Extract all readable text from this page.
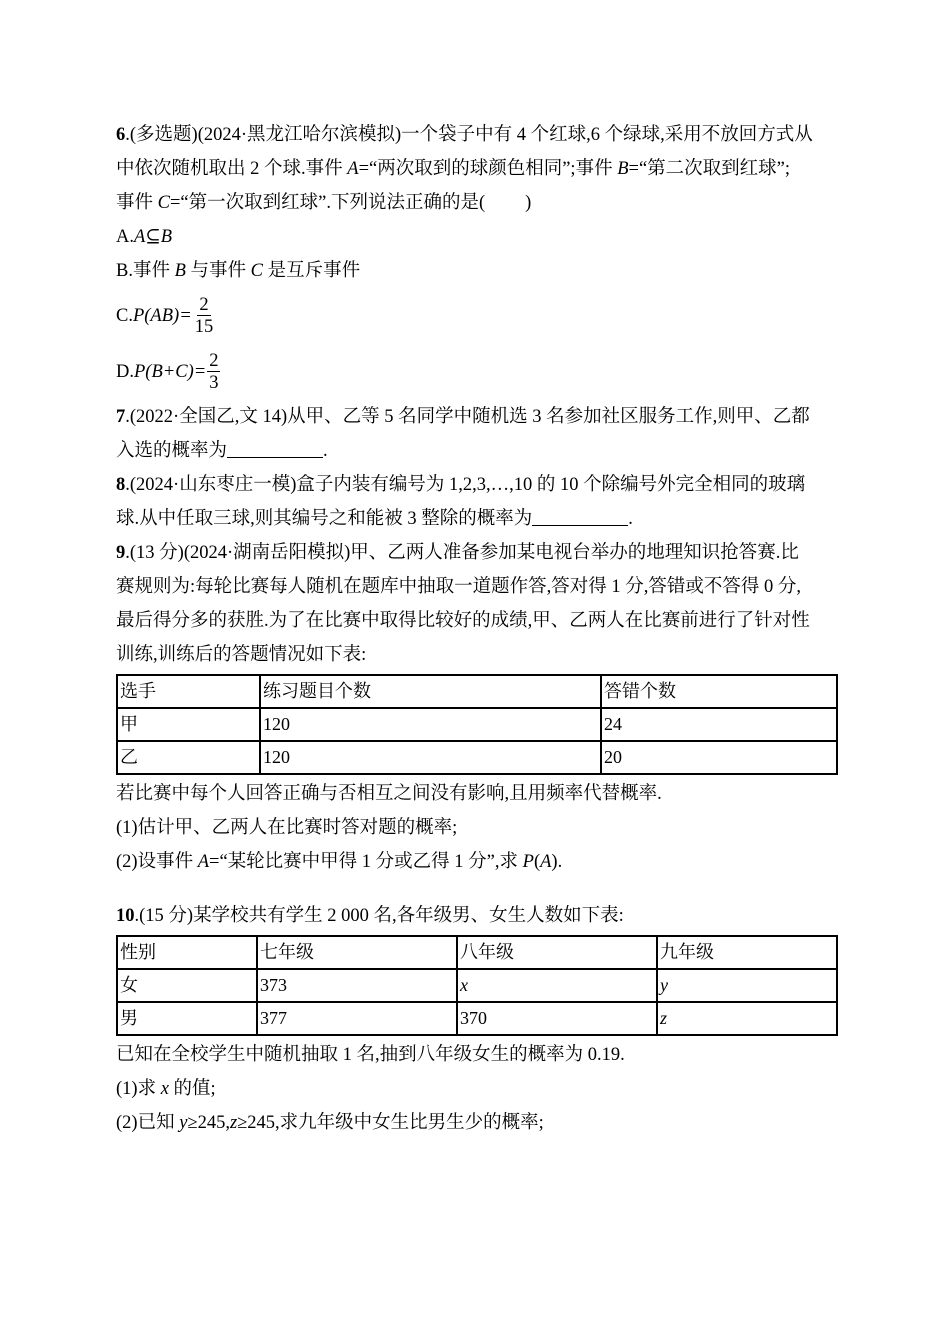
6.(多选题)(2024·黑龙江哈尔滨模拟)一个袋子中有 4 个红球,6 个绿球,采用不放回方式从
中依次随机取出 2 个球.事件 A=“两次取到的球颜色相同”;事件 B=“第二次取到红球”;
事件 C=“第一次取到红球”.下列说法正确的是( )
A.A⊆B
B.事件 B 与事件 C 是互斥事件
C. $P(AB)= \frac{2}{15}$
D. $P(B+C)= \frac{2}{3}$
7.(2022·全国乙,文 14)从甲、乙等 5 名同学中随机选 3 名参加社区服务工作,则甲、乙都
入选的概率为	.
8.(2024·山东枣庄一模)盒子内装有编号为 1,2,3,…,10 的 10 个除编号外完全相同的玻璃
球.从中任取三球,则其编号之和能被 3 整除的概率为	.
9.(13 分)(2024·湖南岳阳模拟)甲、乙两人准备参加某电视台举办的地理知识抢答赛.比
赛规则为:每轮比赛每人随机在题库中抽取一道题作答,答对得 1 分,答错或不答得 0 分,
最后得分多的获胜.为了在比赛中取得比较好的成绩,甲、乙两人在比赛前进行了针对性
训练,训练后的答题情况如下表:
选手	练习题目个数	答错个数
甲	120	24
乙	120	20
若比赛中每个人回答正确与否相互之间没有影响,且用频率代替概率.
(1)估计甲、乙两人在比赛时答对题的概率;
(2)设事件 A=“某轮比赛中甲得 1 分或乙得 1 分”,求 P(A).
10.(15 分)某学校共有学生 2 000 名,各年级男、女生人数如下表:
性别	七年级	八年级	九年级
女	373	x	y
男	377	370	z
已知在全校学生中随机抽取 1 名,抽到八年级女生的概率为 0.19.
(1)求 x 的值;
(2)已知 y≥245,z≥245,求九年级中女生比男生少的概率;
